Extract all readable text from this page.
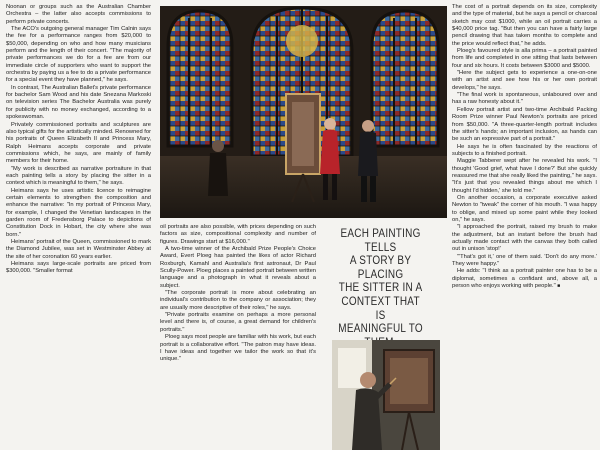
Noonan or groups such as the Australian Chamber Orchestra – the latter also accepts commissions to perform private concerts.

The ACO's outgoing general manager Tim Calnin says the fee for a performance ranges from $20,000 to $50,000, depending on who and how many musicians perform and the length of their concert. "The majority of private performances we do for a fee are from our immediate circle of supporters who want to support the orchestra by paying us a fee to do a private performance for a special event they have planned," he says.

In contrast, The Australian Ballet's private performance for bachelor Sam Wood and his date Snezana Markoski on television series The Bachelor Australia was purely for publicity with no money exchanged, according to a spokeswoman.

Privately commissioned portraits and sculptures are also typical gifts for the artistically minded. Renowned for his portraits of Queen Elizabeth II and Princess Mary, Ralph Heimans accepts corporate and private commissions which, he says, are mainly of family members for their home.

"My work is described as narrative portraiture in that each painting tells a story by placing the sitter in a context which is meaningful to them," he says.

Heimans says he uses artistic licence to reimagine certain elements to strengthen the composition and enhance the narrative: "In my portrait of Princess Mary, for example, I changed the Venetian landscapes in the garden room of Fredensborg Palace to depictions of Constitution Dock in Hobart, the city where she was born."

Heimans' portrait of the Queen, commissioned to mark the Diamond Jubilee, was set in Westminster Abbey at the site of her coronation 60 years earlier.

Heimans says large-scale portraits are priced from $300,000. "Smaller format

oil portraits are also possible, with prices depending on such factors as size, compositional complexity and number of figures. Drawings start at $16,000."

A two-time winner of the Archibald Prize People's Choice Award, Evert Ploeg has painted the likes of actor Richard Roxburgh, Kamahl and Australia's first astronaut, Dr Paul Scully-Power. Ploeg places a painted portrait between written language and a photograph in what it reveals about a subject.

"The corporate portrait is more about celebrating an individual's contribution to the company or association; they are usually more descriptive of their roles," he says.

"Private portraits examine on perhaps a more personal level and there is, of course, a great demand for children's portraits."

Ploeg says most people are familiar with his work, but each portrait is a collaborative effort. "The patron may have ideas. I have ideas and together we tailor the work so that it's unique."

EACH PAINTING TELLS
A STORY BY PLACING
THE SITTER IN A
CONTEXT THAT IS
MEANINGFUL TO

The cost of a portrait depends on its size, complexity and the type of material, but he says a pencil or charcoal sketch may cost $1000, while an oil portrait carries a $40,000 price tag. "But then you can have a fairly large pencil drawing that has taken months to complete and the price would reflect that," he adds.

Ploeg's favoured style is alla prima – a portrait painted from life and completed in one sitting that lasts between four and six hours. It costs between $3000 and $5000.

"Here the subject gets to experience a one-on-one with an artist and see how his or her own portrait develops," he says.

"The final work is spontaneous, unlaboured over and has a raw honesty about it."

Fellow portrait artist and two-time Archibald Packing Room Prize winner Paul Newton's portraits are priced from $50,000. "A three-quarter-length portrait includes the sitter's hands; an important inclusion, as hands can be such an expressive part of a portrait."

He says he is often fascinated by the reactions of subjects to a finished portrait.

Maggie Tabberer wept after he revealed his work. "I thought 'Good grief, what have I done?' But she quickly reassured me that she really liked the painting," he says. "It's just that you revealed things about me which I thought I'd hidden,' she told me."

On another occasion, a corporate executive asked Newton to "tweak" the corner of his mouth. "I was happy to oblige, and mixed up some paint while they looked on," he says.

"I approached the portrait, raised my brush to make the adjustment, but an instant before the brush had actually made contact with the canvas they both called out in unison 'stop!'

"'That's got it,' one of them said. 'Don't do any more.' They were happy."

He adds: "I think as a portrait painter one has to be a diplomat, sometimes a confidant and, above all, a person who enjoys working with people." ■
